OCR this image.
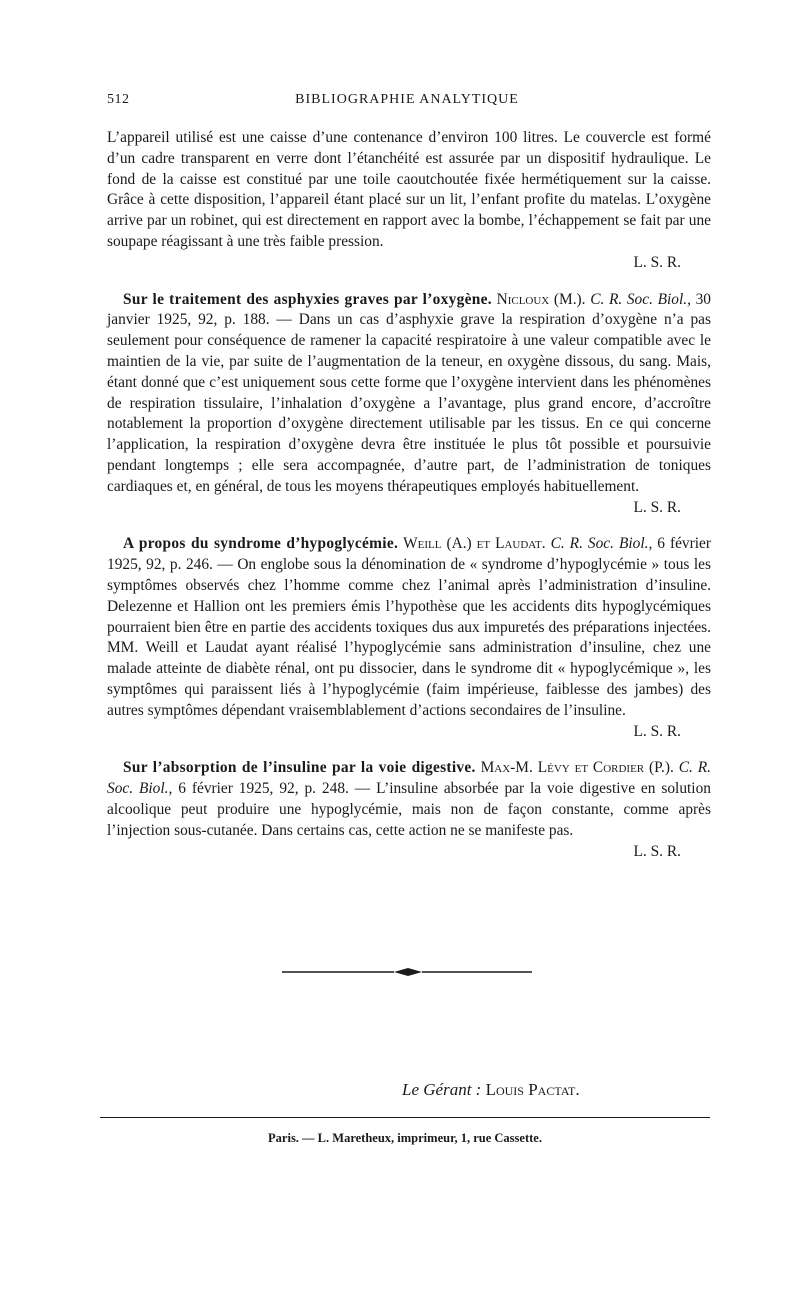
512	BIBLIOGRAPHIE ANALYTIQUE

L’appareil utilisé est une caisse d’une contenance d’environ 100 litres. Le couvercle est formé d’un cadre transparent en verre dont l’étanchéité est assurée par un dispositif hydraulique. Le fond de la caisse est constitué par une toile caoutchoutée fixée hermétiquement sur la caisse. Grâce à cette disposition, l’appareil étant placé sur un lit, l’enfant profite du matelas. L’oxygène arrive par un robinet, qui est directement en rapport avec la bombe, l’échappement se fait par une soupape réagissant à une très faible pression.

L. S. R.

Sur le traitement des asphyxies graves par l’oxygène. Nicloux (M.). C. R. Soc. Biol., 30 janvier 1925, 92, p. 188. — Dans un cas d’asphyxie grave la respiration d’oxygène n’a pas seulement pour conséquence de ramener la capacité respiratoire à une valeur compatible avec le maintien de la vie, par suite de l’augmentation de la teneur, en oxygène dissous, du sang. Mais, étant donné que c’est uniquement sous cette forme que l’oxygène intervient dans les phénomènes de respiration tissulaire, l’inhalation d’oxygène a l’avantage, plus grand encore, d’accroître notablement la proportion d’oxygène directement utilisable par les tissus. En ce qui concerne l’application, la respiration d’oxygène devra être instituée le plus tôt possible et poursuivie pendant longtemps ; elle sera accompagnée, d’autre part, de l’administration de toniques cardiaques et, en général, de tous les moyens thérapeutiques employés habituellement.

L. S. R.

A propos du syndrome d’hypoglycémie. Weill (A.) et Laudat. C. R. Soc. Biol., 6 février 1925, 92, p. 246. — On englobe sous la dénomination de « syndrome d’hypoglycémie » tous les symptômes observés chez l’homme comme chez l’animal après l’administration d’insuline. Delezenne et Hallion ont les premiers émis l’hypothèse que les accidents dits hypoglycémiques pourraient bien être en partie des accidents toxiques dus aux impuretés des préparations injectées. MM. Weill et Laudat ayant réalisé l’hypoglycémie sans administration d’insuline, chez une malade atteinte de diabète rénal, ont pu dissocier, dans le syndrome dit « hypoglycémique », les symptômes qui paraissent liés à l’hypoglycémie (faim impérieuse, faiblesse des jambes) des autres symptômes dépendant vraisemblablement d’actions secondaires de l’insuline.

L. S. R.

Sur l’absorption de l’insuline par la voie digestive. Max-M. Lévy et Cordier (P.). C. R. Soc. Biol., 6 février 1925, 92, p. 248. — L’insuline absorbée par la voie digestive en solution alcoolique peut produire une hypoglycémie, mais non de façon constante, comme après l’injection sous-cutanée. Dans certains cas, cette action ne se manifeste pas.

L. S. R.
Le Gérant : Louis Pactat.
Paris. — L. Maretheux, imprimeur, 1, rue Cassette.
